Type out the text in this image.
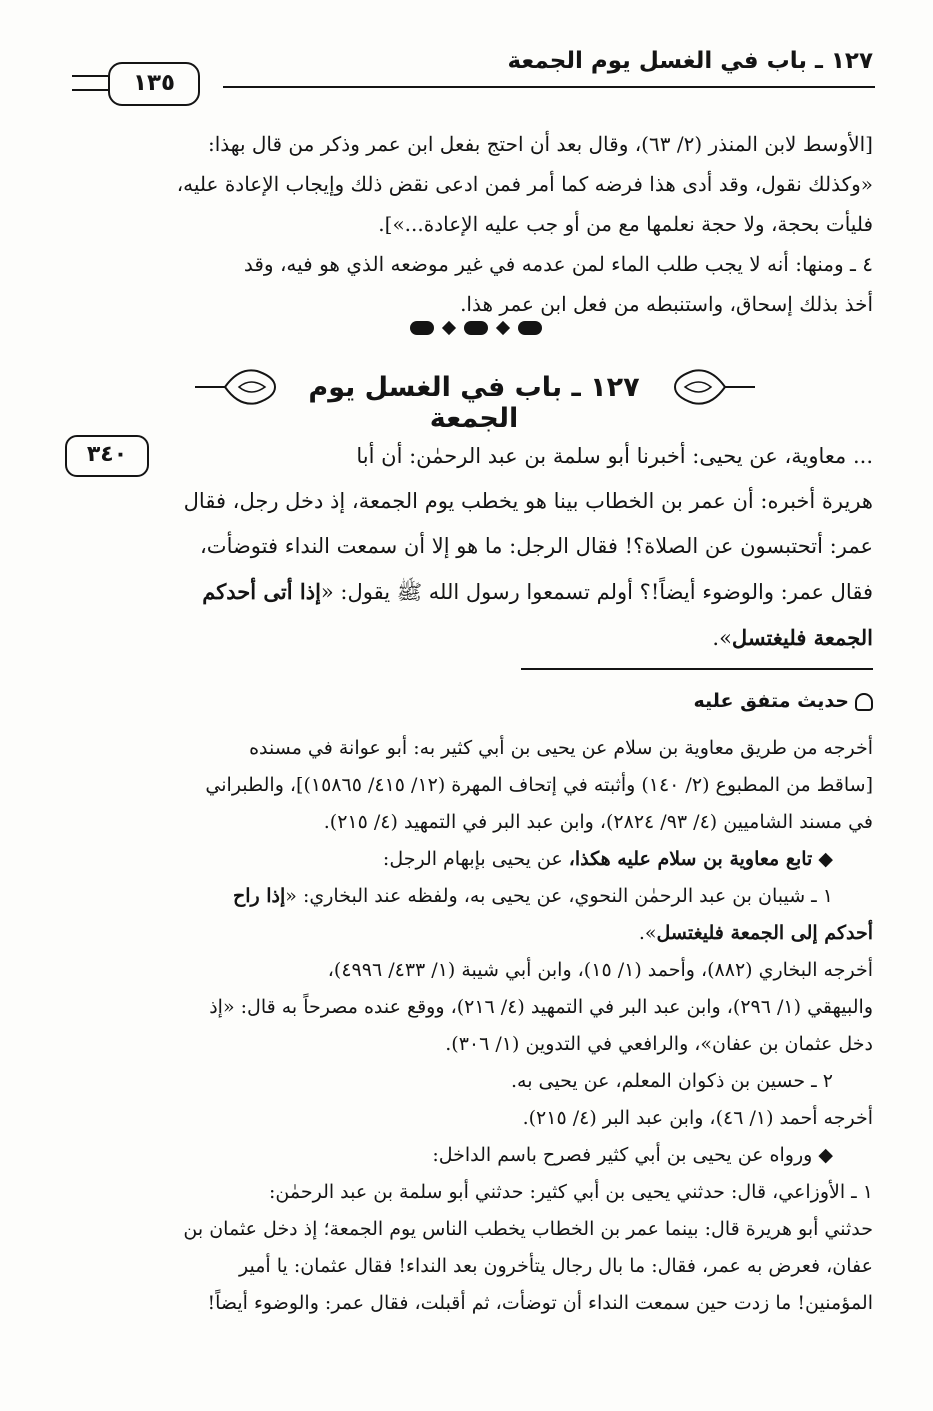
١٢٧ ـ باب في الغسل يوم الجمعة
١٣٥
[الأوسط لابن المنذر (٢/ ٦٣)، وقال بعد أن احتج بفعل ابن عمر وذكر من قال بهذا:
«وكذلك نقول، وقد أدى هذا فرضه كما أمر فمن ادعى نقض ذلك وإيجاب الإعادة عليه،
فليأت بحجة، ولا حجة نعلمها مع من أو جب عليه الإعادة...»].
٤ ـ ومنها: أنه لا يجب طلب الماء لمن عدمه في غير موضعه الذي هو فيه، وقد
أخذ بذلك إسحاق، واستنبطه من فعل ابن عمر هذا.
١٢٧ ـ باب في الغسل يوم الجمعة
٣٤٠	... معاوية، عن يحيى: أخبرنا أبو سلمة بن عبد الرحمٰن: أن أبا
هريرة أخبره: أن عمر بن الخطاب بينا هو يخطب يوم الجمعة، إذ دخل رجل، فقال
عمر: أتحتبسون عن الصلاة؟! فقال الرجل: ما هو إلا أن سمعت النداء فتوضأت،
فقال عمر: والوضوء أيضاً!؟ أولم تسمعوا رسول الله ﷺ يقول: «إذا أتى أحدكم
الجمعة فليغتسل».
حديث متفق عليه
أخرجه من طريق معاوية بن سلام عن يحيى بن أبي كثير به: أبو عوانة في مسنده
[ساقط من المطبوع (٢/ ١٤٠) وأثبته في إتحاف المهرة (١٢/ ٤١٥/ ١٥٨٦٥)]، والطبراني
في مسند الشاميين (٤/ ٩٣/ ٢٨٢٤)، وابن عبد البر في التمهيد (٤/ ٢١٥).
◆ تابع معاوية بن سلام عليه هكذا، عن يحيى بإبهام الرجل:
١ ـ شيبان بن عبد الرحمٰن النحوي، عن يحيى به، ولفظه عند البخاري: «إذا راح
أحدكم إلى الجمعة فليغتسل».
أخرجه البخاري (٨٨٢)، وأحمد (١/ ١٥)، وابن أبي شيبة (١/ ٤٣٣/ ٤٩٩٦)،
والبيهقي (١/ ٢٩٦)، وابن عبد البر في التمهيد (٤/ ٢١٦)، ووقع عنده مصرحاً به قال: «إذ
دخل عثمان بن عفان»، والرافعي في التدوين (١/ ٣٠٦).
٢ ـ حسين بن ذكوان المعلم، عن يحيى به.
أخرجه أحمد (١/ ٤٦)، وابن عبد البر (٤/ ٢١٥).
◆ ورواه عن يحيى بن أبي كثير فصرح باسم الداخل:
١ ـ الأوزاعي، قال: حدثني يحيى بن أبي كثير: حدثني أبو سلمة بن عبد الرحمٰن:
حدثني أبو هريرة قال: بينما عمر بن الخطاب يخطب الناس يوم الجمعة؛ إذ دخل عثمان بن
عفان، فعرض به عمر، فقال: ما بال رجال يتأخرون بعد النداء! فقال عثمان: يا أمير
المؤمنين! ما زدت حين سمعت النداء أن توضأت، ثم أقبلت، فقال عمر: والوضوء أيضاً!
